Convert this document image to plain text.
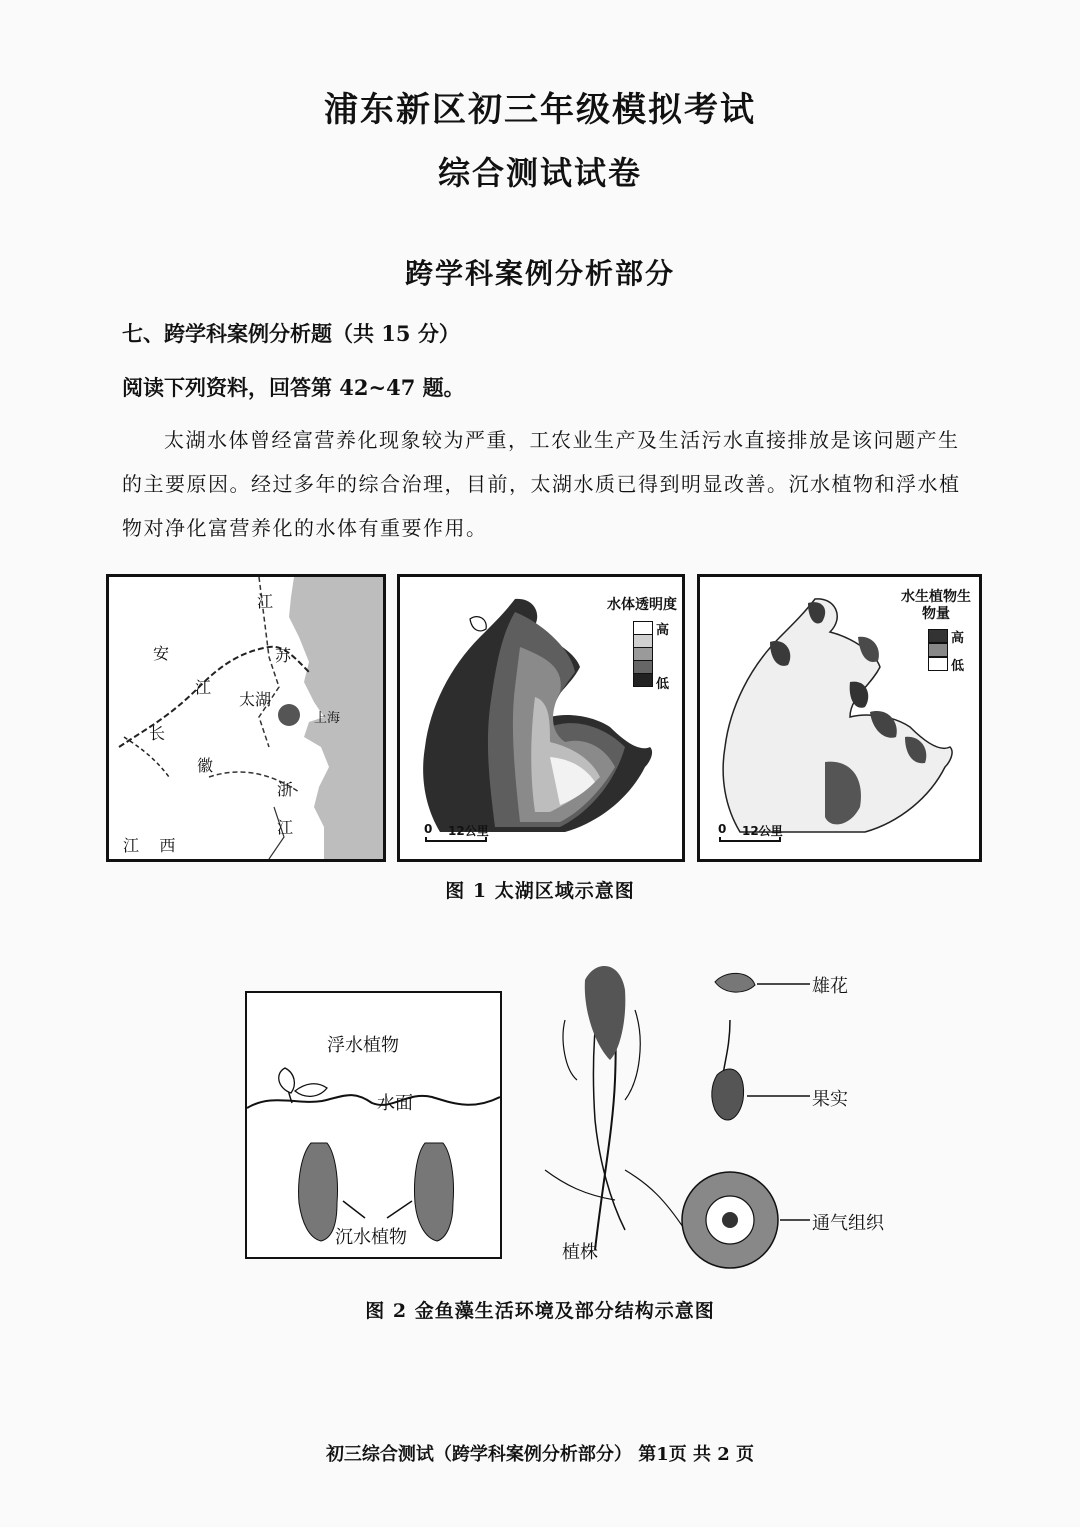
浦东新区初三年级模拟考试
综合测试试卷
跨学科案例分析部分
七、跨学科案例分析题（共 15 分）
阅读下列资料，回答第 42~47 题。
太湖水体曾经富营养化现象较为严重，工农业生产及生活污水直接排放是该问题产生的主要原因。经过多年的综合治理，目前，太湖水质已得到明显改善。沉水植物和浮水植物对净化富营养化的水体有重要作用。
江
苏
安
江
太湖
上海
长
徽
浙
江
江    西
水体透明度
高
低
0 12公里
水生植物生物量
高
低
0 12公里
图 1 太湖区域示意图
浮水植物
水面
沉水植物
植株
雄花
果实
通气组织
图 2 金鱼藻生活环境及部分结构示意图
初三综合测试（跨学科案例分析部分） 第1页 共 2 页
